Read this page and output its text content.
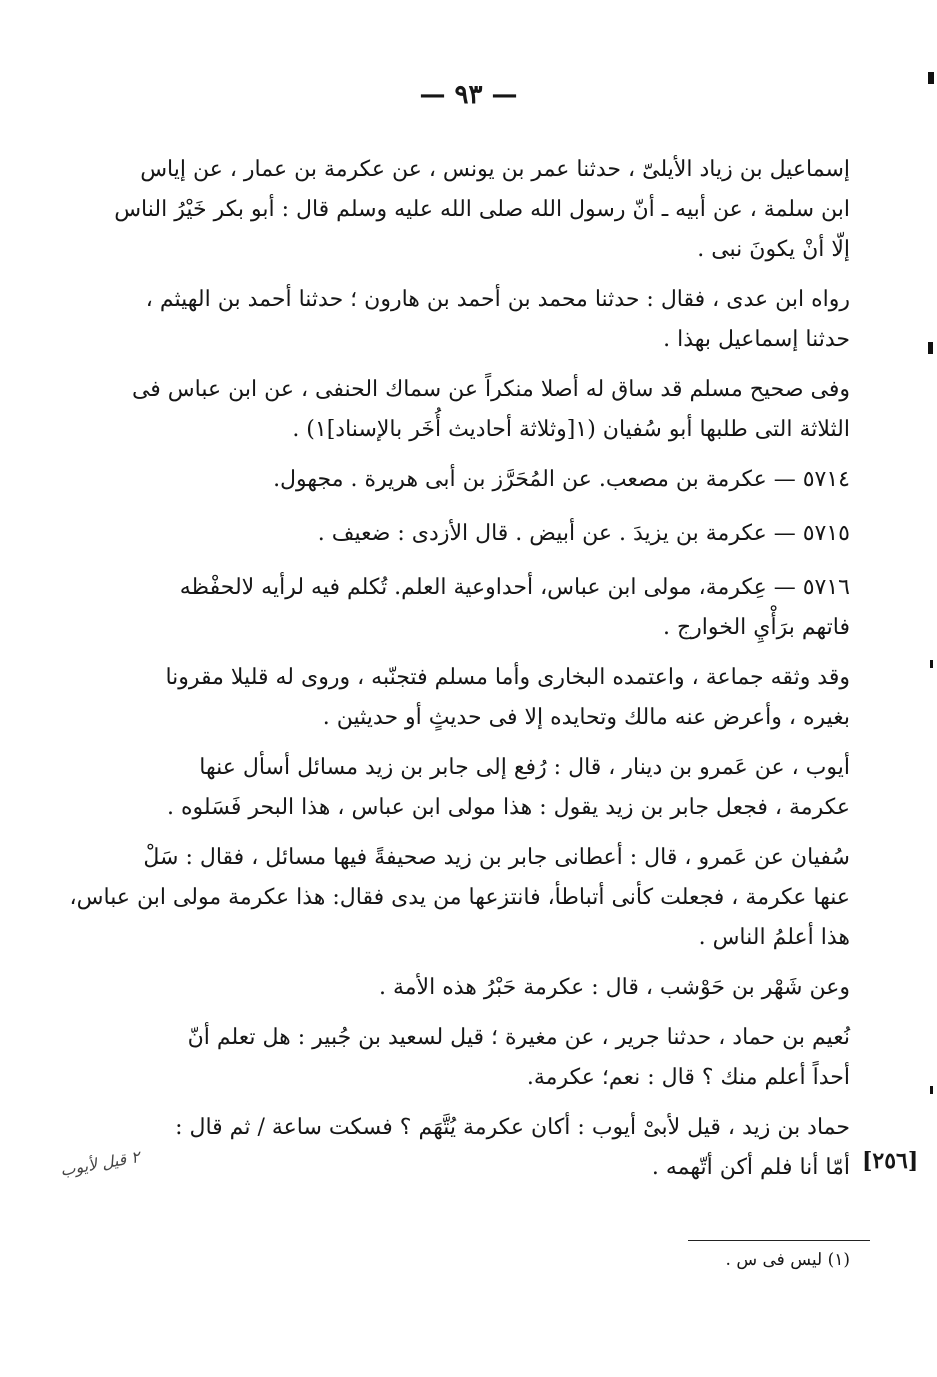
— ٩٣ —
إسماعيل بن زياد الأيلىّ ، حدثنا عمر بن يونس ، عن عكرمة بن عمار ، عن إياس
ابن سلمة ، عن أبيه ـ أنّ رسول الله صلى الله عليه وسلم قال : أبو بكر خَيْرُ الناس
إلّا أنْ يكونَ نبى .
رواه ابن عدى ، فقال : حدثنا محمد بن أحمد بن هارون ؛ حدثنا أحمد بن الهيثم ،
حدثنا إسماعيل بهذا .
وفى صحيح مسلم قد ساق له أصلا منكراً عن سماك الحنفى ، عن ابن عباس فى
الثلاثة التى طلبها أبو سُفيان (١[وثلاثة أحاديث أُخَر بالإسناد]١) .
٥٧١٤ — عكرمة بن مصعب. عن المُحَرَّز بن أبى هريرة . مجهول.
٥٧١٥ — عكرمة بن يزيدَ . عن أبيض . قال الأزدى : ضعيف .
٥٧١٦ — عِكرمة، مولى ابن عباس، أحداوعية العلم. تُكلم فيه لرأيه لالحفْظه
فاتهم برَأْيِ الخوارج .
وقد وثقه جماعة ، واعتمده البخارى وأما مسلم فتجنّبه ، وروى له قليلا مقرونا
بغيره ، وأعرض عنه مالك وتحايده إلا فى حديثٍ أو حديثين .
أيوب ، عن عَمرو بن دينار ، قال : رُفع إلى جابر بن زيد مسائل أسأل عنها
عكرمة ، فجعل جابر بن زيد يقول : هذا مولى ابن عباس ، هذا البحر فَسَلوه .
سُفيان عن عَمرو ، قال : أعطانى جابر بن زيد صحيفةً فيها مسائل ، فقال : سَلْ
عنها عكرمة ، فجعلت كأنى أتباطأ، فانتزعها من يدى فقال: هذا عكرمة مولى ابن عباس،
هذا أعلمُ الناس .
وعن شَهْر بن حَوْشب ، قال : عكرمة حَبْرُ هذه الأمة .
نُعيم بن حماد ، حدثنا جرير ، عن مغيرة ؛ قيل لسعيد بن جُبير : هل تعلم أنّ
أحداً أعلم منك ؟ قال : نعم؛ عكرمة.
حماد بن زيد ، قيل لأبىْ أيوب : أكان عكرمة يُتَّهَم ؟ فسكت ساعة / ثم قال :
أمّا أنا فلم أكن أتّهمه . [٢٥٦]
٢ قيل لأيوب
(١) ليس فى س .
